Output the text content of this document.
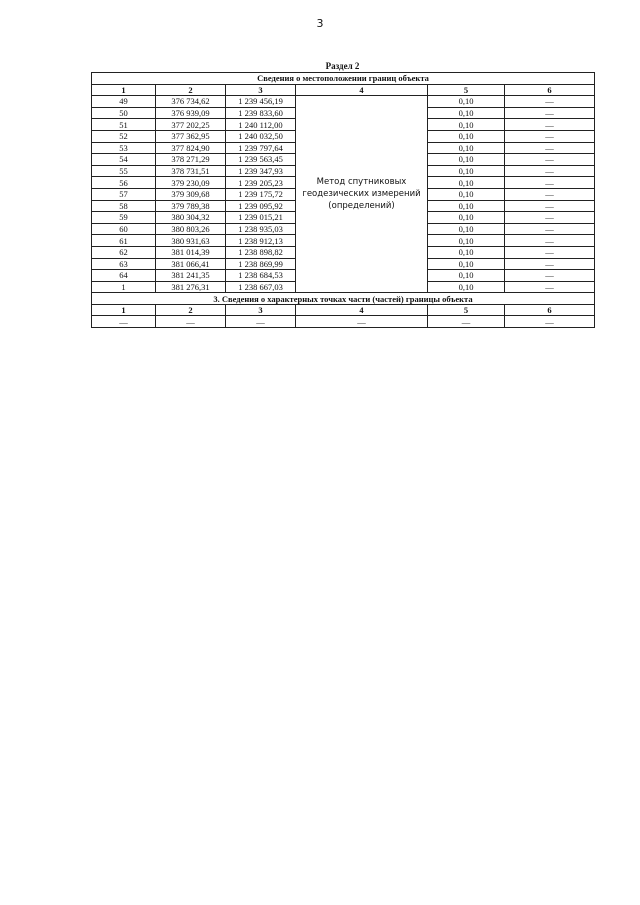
3
Раздел 2
Сведения о местоположении границ объекта					
1	2	3	4	5	6
49	376 734,62	1 239 456,19	Метод спутниковых геодезических измерений (определений)	0,10	—
50	376 939,09	1 239 833,60		0,10	—
51	377 202,25	1 240 112,00		0,10	—
52	377 362,95	1 240 032,50		0,10	—
53	377 824,90	1 239 797,64		0,10	—
54	378 271,29	1 239 563,45		0,10	—
55	378 731,51	1 239 347,93		0,10	—
56	379 230,09	1 239 205,23		0,10	—
57	379 309,68	1 239 175,72		0,10	—
58	379 789,38	1 239 095,92		0,10	—
59	380 304,32	1 239 015,21		0,10	—
60	380 803,26	1 238 935,03		0,10	—
61	380 931,63	1 238 912,13		0,10	—
62	381 014,39	1 238 898,82		0,10	—
63	381 066,41	1 238 869,99		0,10	—
64	381 241,35	1 238 684,53		0,10	—
1	381 276,31	1 238 667,03		0,10	—
3. Сведения о характерных точках части (частей) границы объекта					
1	2	3	4	5	6
—	—	—	—	—	—
